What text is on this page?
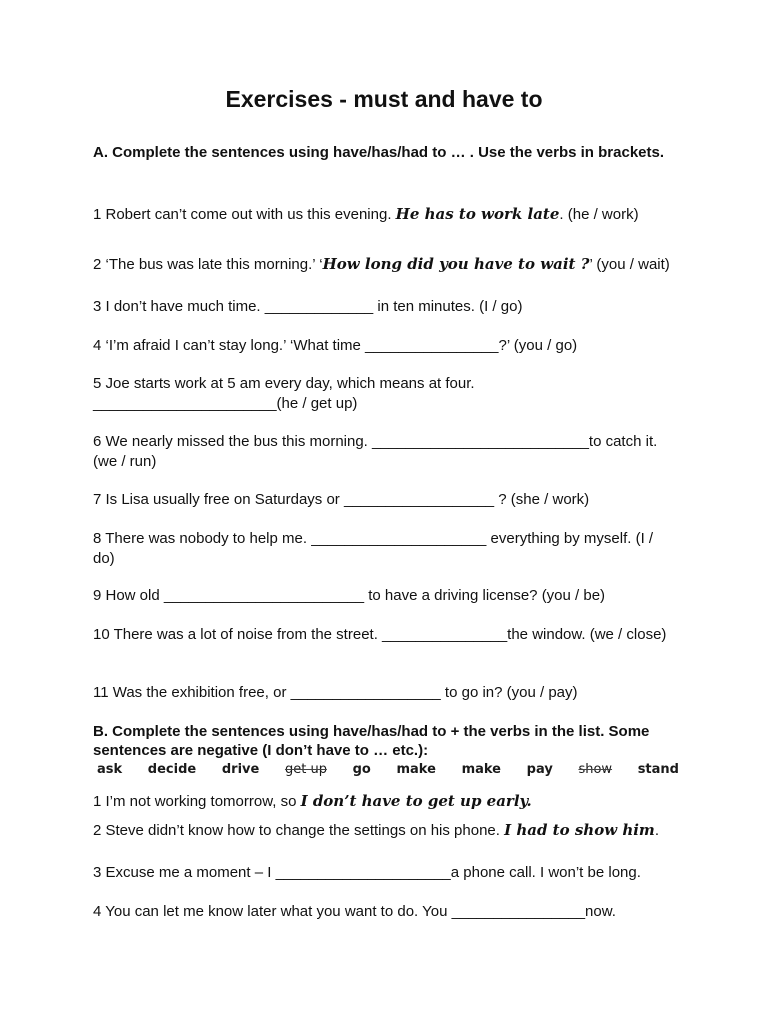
Exercises - must and have to
A. Complete the sentences using have/has/had to … . Use the verbs in brackets.
1 Robert can’t come out with us this evening. He has to work late. (he / work)
2 ‘The bus was late this morning.’ ‘How long did you have to wait ?’ (you / wait)
3 I don’t have much time. _____________ in ten minutes. (I / go)
4 ‘I’m afraid I can’t stay long.’ ‘What time ________________?’ (you / go)
5 Joe starts work at 5 am every day, which means at four. ______________________(he / get up)
6 We nearly missed the bus this morning. __________________________to catch it. (we / run)
7 Is Lisa usually free on Saturdays or __________________ ? (she / work)
8 There was nobody to help me. _____________________ everything by myself. (I / do)
9 How old ________________________ to have a driving license? (you / be)
10 There was a lot of noise from the street. _______________the window. (we / close)
11 Was the exhibition free, or __________________ to go in? (you / pay)
B. Complete the sentences using have/has/had to + the verbs in the list. Some sentences are negative (I don’t have to … etc.):
ask	decide	drive	get up	go	make	make	pay	show	stand
1 I’m not working tomorrow, so I don’t have to get up early.
2 Steve didn’t know how to change the settings on his phone. I had to show him.
3 Excuse me a moment – I _____________________a phone call. I won’t be long.
4 You can let me know later what you want to do. You ________________now.
